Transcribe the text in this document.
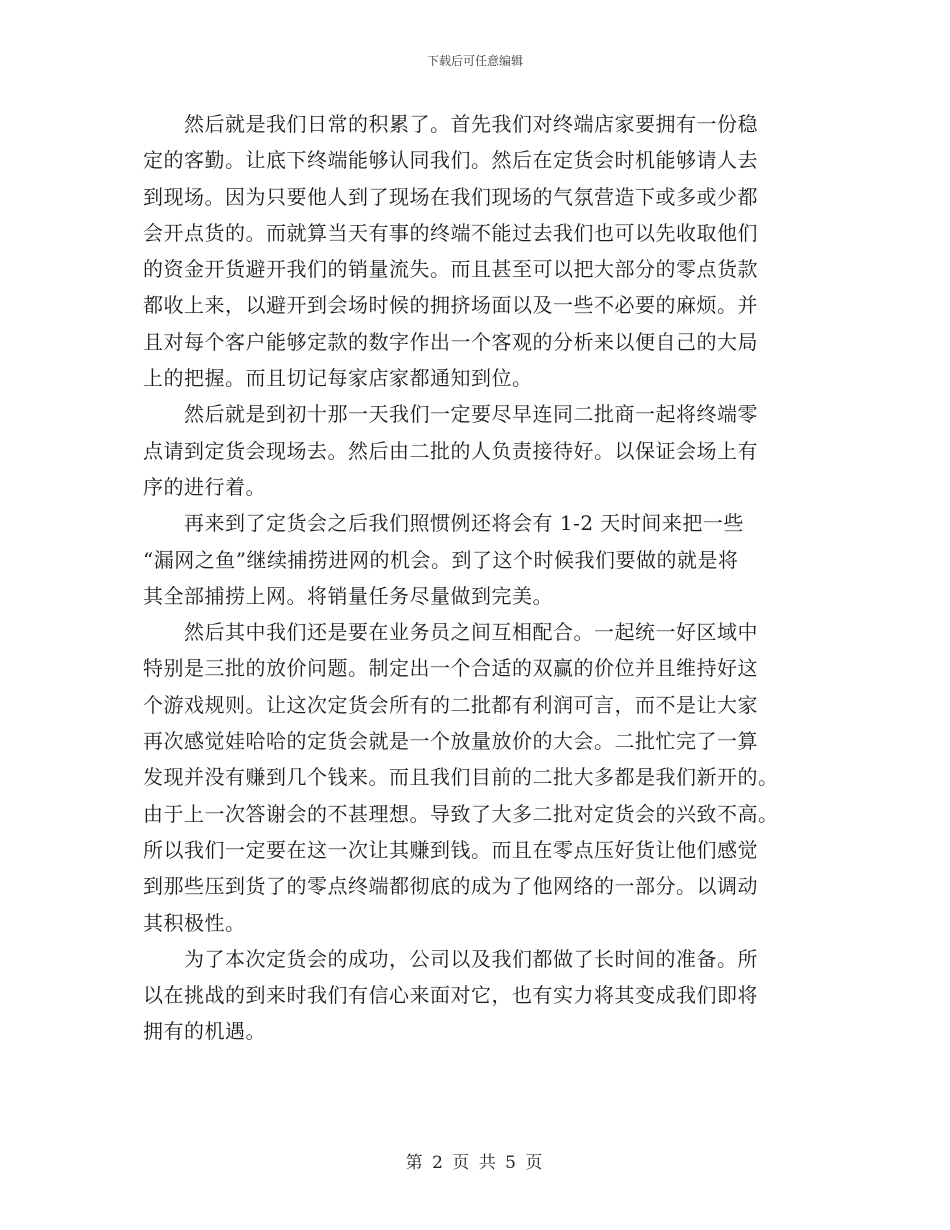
下载后可任意编辑

然后就是我们日常的积累了。首先我们对终端店家要拥有一份稳
定的客勤。让底下终端能够认同我们。然后在定货会时机能够请人去
到现场。因为只要他人到了现场在我们现场的气氛营造下或多或少都
会开点货的。而就算当天有事的终端不能过去我们也可以先收取他们
的资金开货避开我们的销量流失。而且甚至可以把大部分的零点货款
都收上来，以避开到会场时候的拥挤场面以及一些不必要的麻烦。并
且对每个客户能够定款的数字作出一个客观的分析来以便自己的大局
上的把握。而且切记每家店家都通知到位。

然后就是到初十那一天我们一定要尽早连同二批商一起将终端零
点请到定货会现场去。然后由二批的人负责接待好。以保证会场上有
序的进行着。

再来到了定货会之后我们照惯例还将会有 1-2 天时间来把一些
“漏网之鱼”继续捕捞进网的机会。到了这个时候我们要做的就是将
其全部捕捞上网。将销量任务尽量做到完美。

然后其中我们还是要在业务员之间互相配合。一起统一好区域中
特别是三批的放价问题。制定出一个合适的双赢的价位并且维持好这
个游戏规则。让这次定货会所有的二批都有利润可言，而不是让大家
再次感觉娃哈哈的定货会就是一个放量放价的大会。二批忙完了一算
发现并没有赚到几个钱来。而且我们目前的二批大多都是我们新开的。
由于上一次答谢会的不甚理想。导致了大多二批对定货会的兴致不高。
所以我们一定要在这一次让其赚到钱。而且在零点压好货让他们感觉
到那些压到货了的零点终端都彻底的成为了他网络的一部分。以调动
其积极性。

为了本次定货会的成功，公司以及我们都做了长时间的准备。所
以在挑战的到来时我们有信心来面对它，也有实力将其变成我们即将
拥有的机遇。

第 2 页 共 5 页
